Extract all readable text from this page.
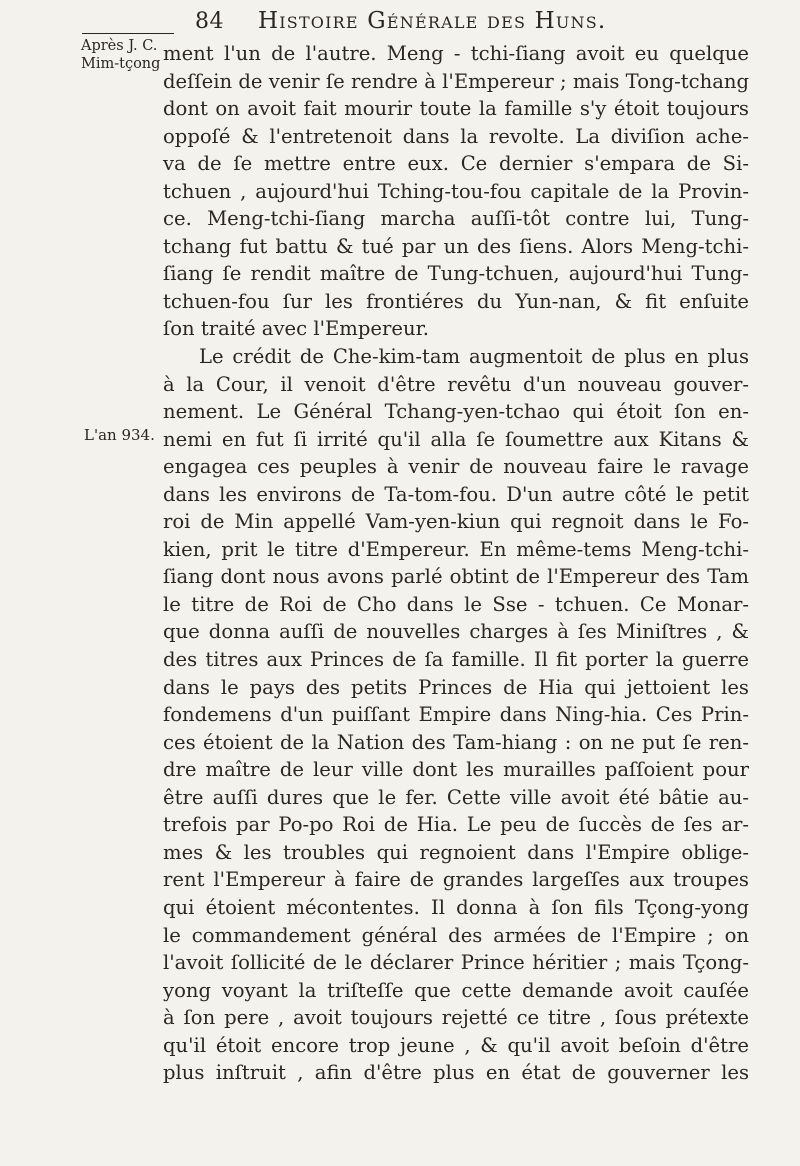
84 Histoire Générale des Huns.
Après J. C.
Mim-tçong
L'an 934.
ment l'un de l'autre. Meng - tchi-ſiang avoit eu quelque
deſſein de venir ſe rendre à l'Empereur ; mais Tong-tchang
dont on avoit fait mourir toute la famille s'y étoit toujours
oppoſé & l'entretenoit dans la revolte. La diviſion ache-
va de ſe mettre entre eux. Ce dernier s'empara de Si-
tchuen , aujourd'hui Tching-tou-fou capitale de la Provin-
ce. Meng-tchi-ſiang marcha auſſi-tôt contre lui, Tung-
tchang fut battu & tué par un des ſiens. Alors Meng-tchi-
ſiang ſe rendit maître de Tung-tchuen, aujourd'hui Tung-
tchuen-fou ſur les frontiéres du Yun-nan, & fit enſuite
ſon traité avec l'Empereur.
Le crédit de Che-kim-tam augmentoit de plus en plus
à la Cour, il venoit d'être revêtu d'un nouveau gouver-
nement. Le Général Tchang-yen-tchao qui étoit ſon en-
nemi en fut ſi irrité qu'il alla ſe ſoumettre aux Kitans &
engagea ces peuples à venir de nouveau faire le ravage
dans les environs de Ta-tom-fou. D'un autre côté le petit
roi de Min appellé Vam-yen-kiun qui regnoit dans le Fo-
kien, prit le titre d'Empereur. En même-tems Meng-tchi-
ſiang dont nous avons parlé obtint de l'Empereur des Tam
le titre de Roi de Cho dans le Sse - tchuen. Ce Monar-
que donna auſſi de nouvelles charges à ſes Miniſtres , &
des titres aux Princes de ſa famille. Il fit porter la guerre
dans le pays des petits Princes de Hia qui jettoient les
fondemens d'un puiſſant Empire dans Ning-hia. Ces Prin-
ces étoient de la Nation des Tam-hiang : on ne put ſe ren-
dre maître de leur ville dont les murailles paſſoient pour
être auſſi dures que le fer. Cette ville avoit été bâtie au-
trefois par Po-po Roi de Hia. Le peu de ſuccès de ſes ar-
mes & les troubles qui regnoient dans l'Empire oblige-
rent l'Empereur à faire de grandes largeſſes aux troupes
qui étoient mécontentes. Il donna à ſon fils Tçong-yong
le commandement général des armées de l'Empire ; on
l'avoit ſollicité de le déclarer Prince héritier ; mais Tçong-
yong voyant la triſteſſe que cette demande avoit cauſée
à ſon pere , avoit toujours rejetté ce titre , ſous prétexte
qu'il étoit encore trop jeune , & qu'il avoit beſoin d'être
plus inſtruit , afin d'être plus en état de gouverner les
